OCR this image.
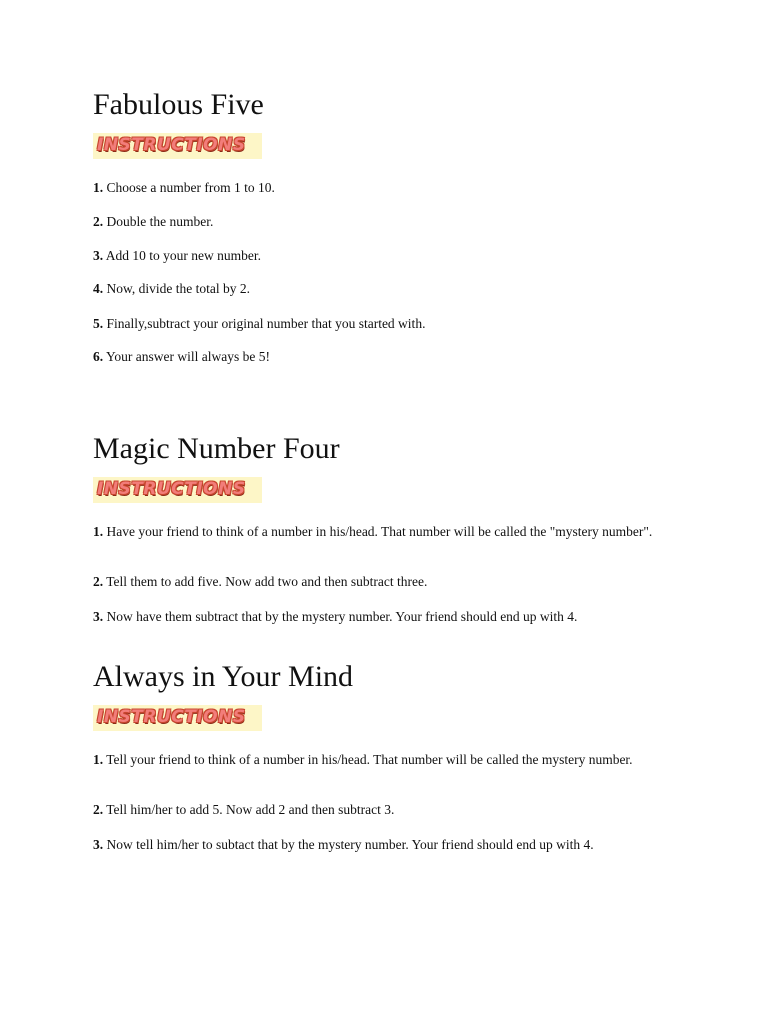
Fabulous Five
INSTRUCTIONS
1. Choose a number from 1 to 10.
2. Double the number.
3. Add 10 to your new number.
4. Now, divide the total by 2.
5. Finally,subtract your original number that you started with.
6. Your answer will always be 5!
Magic Number Four
INSTRUCTIONS
1. Have your friend to think of a number in his/head. That number will be called the "mystery number".
2. Tell them to add five. Now add two and then subtract three.
3. Now have them subtract that by the mystery number. Your friend should end up with 4.
Always in Your Mind
INSTRUCTIONS
1. Tell your friend to think of a number in his/head. That number will be called the mystery number.
2. Tell him/her to add 5. Now add 2 and then subtract 3.
3. Now tell him/her to subtact that by the mystery number. Your friend should end up with 4.
